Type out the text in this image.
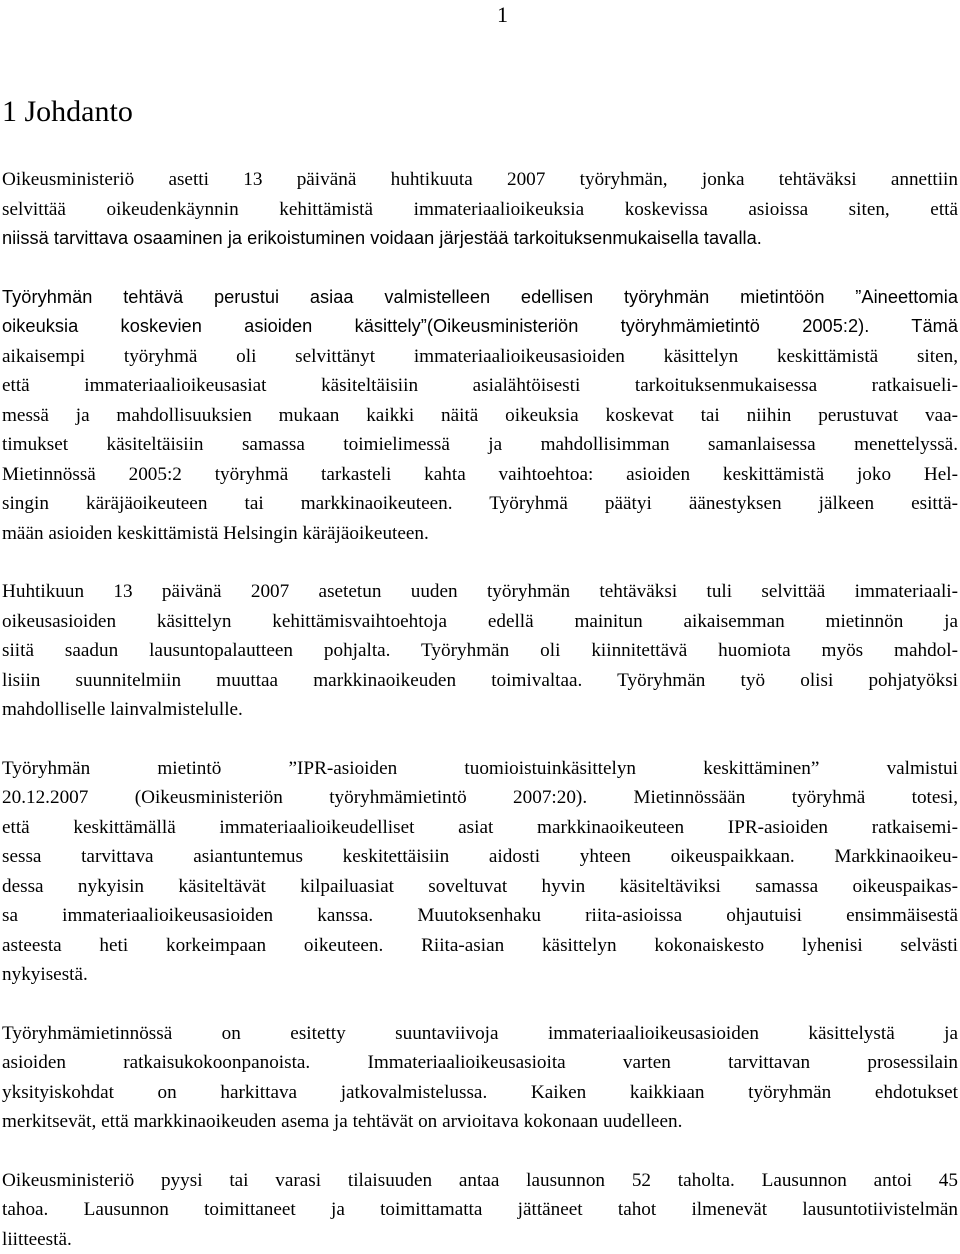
1
1 Johdanto

Oikeusministeriö asetti 13 päivänä huhtikuuta 2007 työryhmän, jonka tehtäväksi annettiin
selvittää oikeudenkäynnin kehittämistä immateriaalioikeuksia koskevissa asioissa siten, että
niissä tarvittava osaaminen ja erikoistuminen voidaan järjestää tarkoituksenmukaisella tavalla.

Työryhmän tehtävä perustui asiaa valmistelleen edellisen työryhmän mietintöön ”Aineettomia
oikeuksia koskevien asioiden käsittely”(Oikeusministeriön työryhmämietintö 2005:2). Tämä
aikaisempi työryhmä oli selvittänyt immateriaalioikeusasioiden käsittelyn keskittämistä siten,
että immateriaalioikeusasiat käsiteltäisiin asialähtöisesti tarkoituksenmukaisessa ratkaisueli-
messä ja mahdollisuuksien mukaan kaikki näitä oikeuksia koskevat tai niihin perustuvat vaa-
timukset käsiteltäisiin samassa toimielimessä ja mahdollisimman samanlaisessa menettelyssä.
Mietinnössä 2005:2 työryhmä tarkasteli kahta vaihtoehtoa: asioiden keskittämistä joko Hel-
singin käräjäoikeuteen tai markkinaoikeuteen. Työryhmä päätyi äänestyksen jälkeen esittä-
mään asioiden keskittämistä Helsingin käräjäoikeuteen.

Huhtikuun 13 päivänä 2007 asetetun uuden työryhmän tehtäväksi tuli selvittää immateriaali-
oikeusasioiden käsittelyn kehittämisvaihtoehtoja edellä mainitun aikaisemman mietinnön ja
siitä saadun lausuntopalautteen pohjalta. Työryhmän oli kiinnitettävä huomiota myös mahdol-
lisiin suunnitelmiin muuttaa markkinaoikeuden toimivaltaa. Työryhmän työ olisi pohjatyöksi
mahdolliselle lainvalmistelulle.

Työryhmän mietintö ”IPR-asioiden tuomioistuinkäsittelyn keskittäminen” valmistui
20.12.2007 (Oikeusministeriön työryhmämietintö 2007:20). Mietinnössään työryhmä totesi,
että keskittämällä immateriaalioikeudelliset asiat markkinaoikeuteen IPR-asioiden ratkaisemi-
sessa tarvittava asiantuntemus keskitettäisiin aidosti yhteen oikeuspaikkaan. Markkinaoikeu-
dessa nykyisin käsiteltävät kilpailuasiat soveltuvat hyvin käsiteltäviksi samassa oikeuspaikas-
sa immateriaalioikeusasioiden kanssa. Muutoksenhaku riita-asioissa ohjautuisi ensimmäisestä
asteesta heti korkeimpaan oikeuteen. Riita-asian käsittelyn kokonaiskesto lyhenisi selvästi
nykyisestä.

Työryhmämietinnössä on esitetty suuntaviivoja immateriaalioikeusasioiden käsittelystä ja
asioiden ratkaisukokoonpanoista. Immateriaalioikeusasioita varten tarvittavan prosessilain
yksityiskohdat on harkittava jatkovalmistelussa. Kaiken kaikkiaan työryhmän ehdotukset
merkitsevät, että markkinaoikeuden asema ja tehtävät on arvioitava kokonaan uudelleen.

Oikeusministeriö pyysi tai varasi tilaisuuden antaa lausunnon 52 taholta. Lausunnon antoi 45
tahoa. Lausunnon toimittaneet ja toimittamatta jättäneet tahot ilmenevät lausuntotiivistelmän
liitteestä.
